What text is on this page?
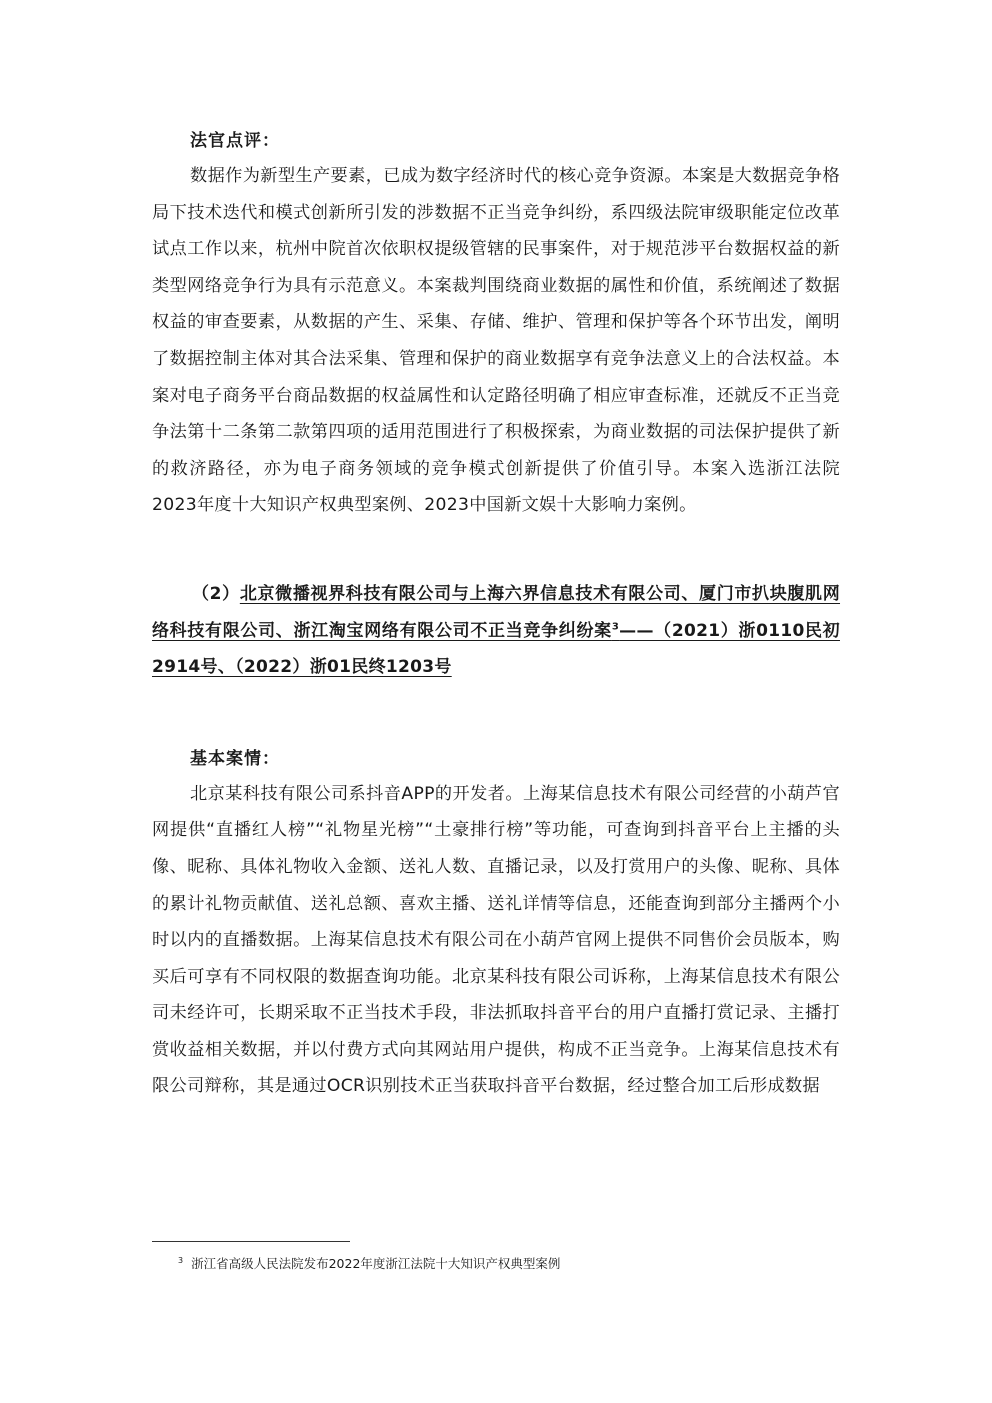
法官点评：

数据作为新型生产要素，已成为数字经济时代的核心竞争资源。本案是大数据竞争格局下技术迭代和模式创新所引发的涉数据不正当竞争纠纷，系四级法院审级职能定位改革试点工作以来，杭州中院首次依职权提级管辖的民事案件，对于规范涉平台数据权益的新类型网络竞争行为具有示范意义。本案裁判围绕商业数据的属性和价值，系统阐述了数据权益的审查要素，从数据的产生、采集、存储、维护、管理和保护等各个环节出发，阐明了数据控制主体对其合法采集、管理和保护的商业数据享有竞争法意义上的合法权益。本案对电子商务平台商品数据的权益属性和认定路径明确了相应审查标准，还就反不正当竞争法第十二条第二款第四项的适用范围进行了积极探索，为商业数据的司法保护提供了新的救济路径，亦为电子商务领域的竞争模式创新提供了价值引导。本案入选浙江法院2023年度十大知识产权典型案例、2023中国新文娱十大影响力案例。

（2）北京微播视界科技有限公司与上海六界信息技术有限公司、厦门市扒块腹肌网络科技有限公司、浙江淘宝网络有限公司不正当竞争纠纷案$^3$——（2021）浙0110民初2914号、（2022）浙01民终1203号
基本案情：

北京某科技有限公司系抖音APP的开发者。上海某信息技术有限公司经营的小葫芦官网提供“直播红人榜”“礼物星光榜”“土豪排行榜”等功能，可查询到抖音平台上主播的头像、昵称、具体礼物收入金额、送礼人数、直播记录，以及打赏用户的头像、昵称、具体的累计礼物贡献值、送礼总额、喜欢主播、送礼详情等信息，还能查询到部分主播两个小时以内的直播数据。上海某信息技术有限公司在小葫芦官网上提供不同售价会员版本，购买后可享有不同权限的数据查询功能。北京某科技有限公司诉称，上海某信息技术有限公司未经许可，长期采取不正当技术手段，非法抓取抖音平台的用户直播打赏记录、主播打赏收益相关数据，并以付费方式向其网站用户提供，构成不正当竞争。上海某信息技术有限公司辩称，其是通过OCR识别技术正当获取抖音平台数据，经过整合加工后形成数据

$^3$ 浙江省高级人民法院发布2022年度浙江法院十大知识产权典型案例
